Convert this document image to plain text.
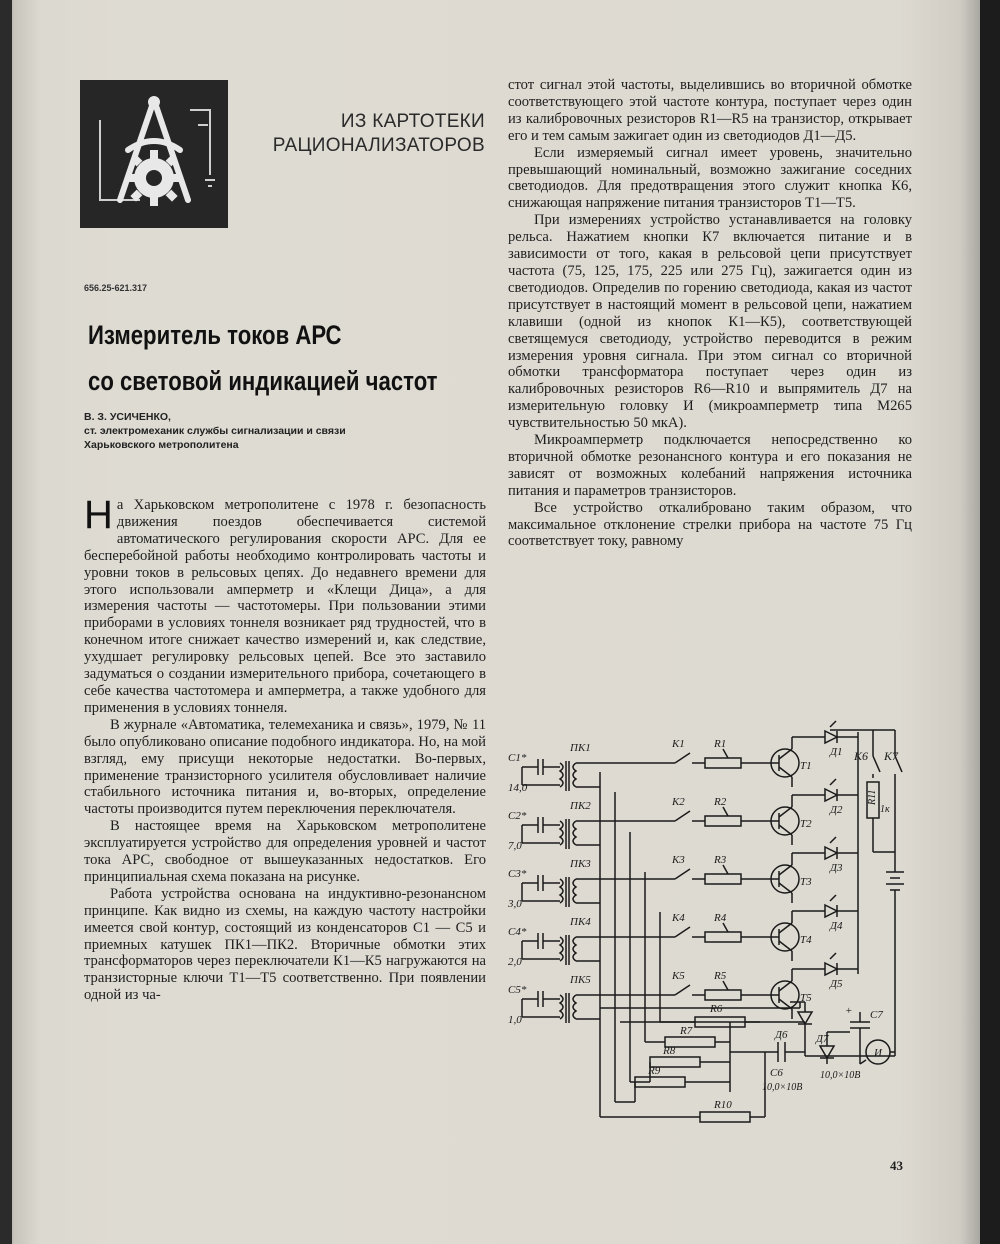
ИЗ КАРТОТЕКИ
РАЦИОНАЛИЗАТОРОВ
656.25-621.317
Измеритель токов АРС
со световой индикацией частот
В. З. УСИЧЕНКО,
ст. электромеханик службы сигнализации и связи
Харьковского метрополитена

На Харьковском метрополитене с 1978 г. безопасность движения поездов обеспечивается системой автоматического регулирования скорости АРС. Для ее бесперебойной работы необходимо контролировать частоты и уровни токов в рельсовых цепях. До недавнего времени для этого использовали амперметр и «Клещи Дица», а для измерения частоты — частотомеры. При пользовании этими приборами в условиях тоннеля возникает ряд трудностей, что в конечном итоге снижает качество измерений и, как следствие, ухудшает регулировку рельсовых цепей. Все это заставило задуматься о создании измерительного прибора, сочетающего в себе качества частотомера и амперметра, а также удобного для применения в условиях тоннеля.

В журнале «Автоматика, телемеханика и связь», 1979, № 11 было опубликовано описание подобного индикатора. Но, на мой взгляд, ему присущи некоторые недостатки. Во-первых, применение транзисторного усилителя обусловливает наличие стабильного источника питания и, во-вторых, определение частоты производится путем переключения переключателя.

В настоящее время на Харьковском метрополитене эксплуатируется устройство для определения уровней и частот тока АРС, свободное от вышеуказанных недостатков. Его принципиальная схема показана на рисунке.

Работа устройства основана на индуктивно-резонансном принципе. Как видно из схемы, на каждую частоту настройки имеется свой контур, состоящий из конденсаторов С1 — С5 и приемных катушек ПК1—ПК2. Вторичные обмотки этих трансформаторов через переключатели К1—К5 нагружаются на транзисторные ключи Т1—Т5 соответственно. При появлении одной из ча-

стот сигнал этой частоты, выделившись во вторичной обмотке соответствующего этой частоте контура, поступает через один из калибровочных резисторов R1—R5 на транзистор, открывает его и тем самым зажигает один из светодиодов Д1—Д5.

Если измеряемый сигнал имеет уровень, значительно превышающий номинальный, возможно зажигание соседних светодиодов. Для предотвращения этого служит кнопка К6, снижающая напряжение питания транзисторов Т1—Т5.

При измерениях устройство устанавливается на головку рельса. Нажатием кнопки К7 включается питание и в зависимости от того, какая в рельсовой цепи присутствует частота (75, 125, 175, 225 или 275 Гц), зажигается один из светодиодов. Определив по горению светодиода, какая из частот присутствует в настоящий момент в рельсовой цепи, нажатием клавиши (одной из кнопок К1—К5), соответствующей светящемуся светодиоду, устройство переводится в режим измерения уровня сигнала. При этом сигнал со вторичной обмотки трансформатора поступает через один из калибровочных резисторов R6—R10 и выпрямитель Д7 на измерительную головку И (микроамперметр типа М265 чувствительностью 50 мкА).

Микроамперметр подключается непосредственно ко вторичной обмотке резонансного контура и его показания не зависят от возможных колебаний напряжения источника питания и параметров транзисторов.

Все устройство откалибровано таким образом, что максимальное отклонение стрелки прибора на частоте 75 Гц соответствует току, равному

С1*
14,0
ПК1	К1	R1
Т1
Д1
С2*
7,0
ПК2	К2	R2
Т2
Д2
С3*
3,0
ПК3	К3	R3
Т3
Д3
С4*
2,0
ПК4	К4	R4
Т4
Д4
С5*
1,0
ПК5	К5	R5
Т5
Д5
К6 К7
R11
1к
R6
R7
R8
R9
R10
Д6	Д7
С6
10,0×10В
С7
10,0×10В
И
+
43
